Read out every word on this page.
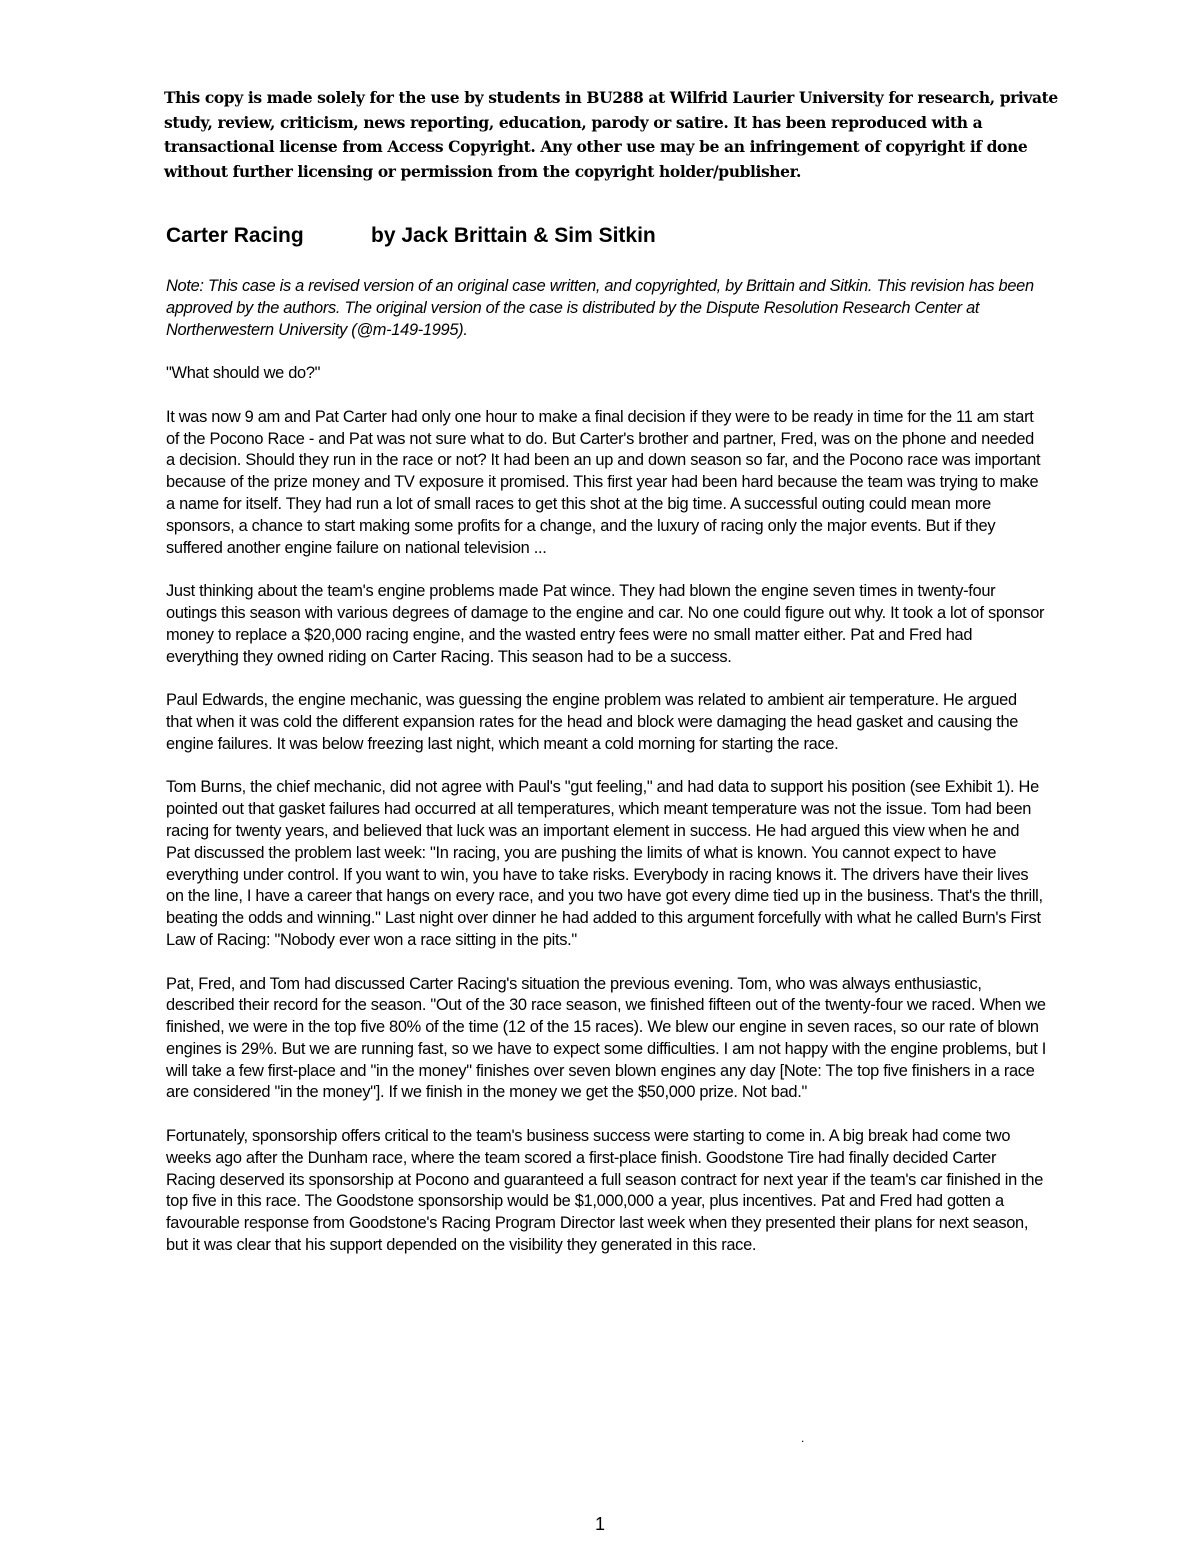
This copy is made solely for the use by students in BU288 at Wilfrid Laurier University for research, private study, review, criticism, news reporting, education, parody or satire. It has been reproduced with a transactional license from Access Copyright. Any other use may be an infringement of copyright if done without further licensing or permission from the copyright holder/publisher.

Carter Racing	by Jack Brittain & Sim Sitkin

Note: This case is a revised version of an original case written, and copyrighted, by Brittain and Sitkin. This revision has been approved by the authors. The original version of the case is distributed by the Dispute Resolution Research Center at Northerwestern University (@m-149-1995).

"What should we do?"

It was now 9 am and Pat Carter had only one hour to make a final decision if they were to be ready in time for the 11 am start of the Pocono Race - and Pat was not sure what to do. But Carter's brother and partner, Fred, was on the phone and needed a decision. Should they run in the race or not? It had been an up and down season so far, and the Pocono race was important because of the prize money and TV exposure it promised. This first year had been hard because the team was trying to make a name for itself. They had run a lot of small races to get this shot at the big time. A successful outing could mean more sponsors, a chance to start making some profits for a change, and the luxury of racing only the major events. But if they suffered another engine failure on national television ...

Just thinking about the team's engine problems made Pat wince. They had blown the engine seven times in twenty-four outings this season with various degrees of damage to the engine and car. No one could figure out why. It took a lot of sponsor money to replace a $20,000 racing engine, and the wasted entry fees were no small matter either. Pat and Fred had everything they owned riding on Carter Racing. This season had to be a success.

Paul Edwards, the engine mechanic, was guessing the engine problem was related to ambient air temperature. He argued that when it was cold the different expansion rates for the head and block were damaging the head gasket and causing the engine failures. It was below freezing last night, which meant a cold morning for starting the race.

Tom Burns, the chief mechanic, did not agree with Paul's "gut feeling," and had data to support his position (see Exhibit 1). He pointed out that gasket failures had occurred at all temperatures, which meant temperature was not the issue. Tom had been racing for twenty years, and believed that luck was an important element in success. He had argued this view when he and Pat discussed the problem last week: "In racing, you are pushing the limits of what is known. You cannot expect to have everything under control. If you want to win, you have to take risks. Everybody in racing knows it. The drivers have their lives on the line, I have a career that hangs on every race, and you two have got every dime tied up in the business. That's the thrill, beating the odds and winning." Last night over dinner he had added to this argument forcefully with what he called Burn's First Law of Racing: "Nobody ever won a race sitting in the pits."

Pat, Fred, and Tom had discussed Carter Racing's situation the previous evening. Tom, who was always enthusiastic, described their record for the season. "Out of the 30 race season, we finished fifteen out of the twenty-four we raced. When we finished, we were in the top five 80% of the time (12 of the 15 races). We blew our engine in seven races, so our rate of blown engines is 29%. But we are running fast, so we have to expect some difficulties. I am not happy with the engine problems, but I will take a few first-place and "in the money" finishes over seven blown engines any day [Note: The top five finishers in a race are considered "in the money"]. If we finish in the money we get the $50,000 prize. Not bad."

Fortunately, sponsorship offers critical to the team's business success were starting to come in. A big break had come two weeks ago after the Dunham race, where the team scored a first-place finish. Goodstone Tire had finally decided Carter Racing deserved its sponsorship at Pocono and guaranteed a full season contract for next year if the team's car finished in the top five in this race. The Goodstone sponsorship would be $1,000,000 a year, plus incentives. Pat and Fred had gotten a favourable response from Goodstone's Racing Program Director last week when they presented their plans for next season, but it was clear that his support depended on the visibility they generated in this race.

.
1
